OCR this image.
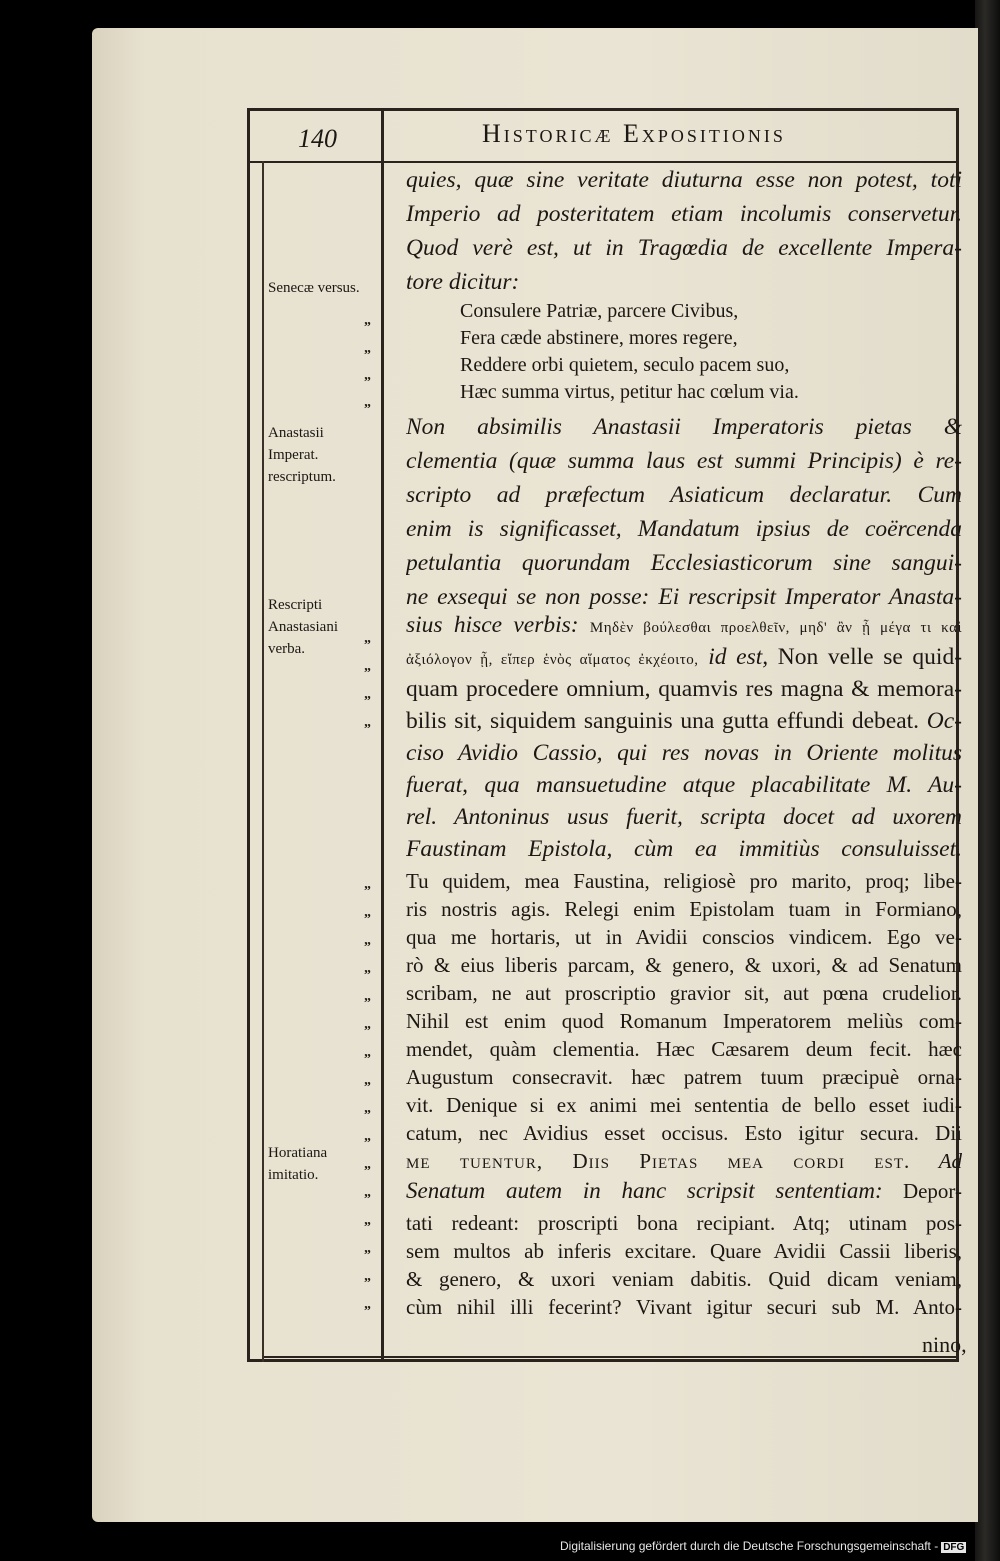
140	Historicæ Expositionis
Senecæ versus.
Anastasii Imperat. rescriptum.
Rescripti Anastasiani verba.
Horatiana imitatio.
„
„
„
„
„
„
„
„
„
„
„
„
„
„
„
„
„
„
„
„
„
„
„
„
quies, quæ sine veritate diuturna esse non potest, toti
Imperio ad posteritatem etiam incolumis conservetur.
Quod verè est, ut in Tragœdia de excellente Impera-
tore dicitur:
Consulere Patriæ, parcere Civibus,
Fera cæde abstinere, mores regere,
Reddere orbi quietem, seculo pacem suo,
Hæc summa virtus, petitur hac cœlum via.
Non absimilis Anastasii Imperatoris pietas &
clementia (quæ summa laus est summi Principis) è re-
scripto ad præfectum Asiaticum declaratur. Cum
enim is significasset, Mandatum ipsius de coërcenda
petulantia quorundam Ecclesiasticorum sine sangui-
ne exsequi se non posse: Ei rescripsit Imperator Anasta-
sius hisce verbis: Μηδὲν βούλεσθαι προελθεῖν, μηδ' ἂν ᾖ μέγα τι καὶ
ἀξιόλογον ᾖ, εἴπερ ἑνὸς αἵματος ἐκχέοιτο, id est, Non velle se quid-
quam procedere omnium, quamvis res magna & memora-
bilis sit, siquidem sanguinis una gutta effundi debeat. Oc-
ciso Avidio Cassio, qui res novas in Oriente molitus
fuerat, qua mansuetudine atque placabilitate M. Au-
rel. Antoninus usus fuerit, scripta docet ad uxorem
Faustinam Epistola, cùm ea immitiùs consuluisset.
Tu quidem, mea Faustina, religiosè pro marito, proq; libe-
ris nostris agis. Relegi enim Epistolam tuam in Formiano,
qua me hortaris, ut in Avidii conscios vindicem. Ego ve-
rò & eius liberis parcam, & genero, & uxori, & ad Senatum
scribam, ne aut proscriptio gravior sit, aut pœna crudelior.
Nihil est enim quod Romanum Imperatorem meliùs com-
mendet, quàm clementia. Hæc Cæsarem deum fecit. hæc
Augustum consecravit. hæc patrem tuum præcipuè orna-
vit. Denique si ex animi mei sententia de bello esset iudi-
catum, nec Avidius esset occisus. Esto igitur secura. Dii
me tuentur, Diis Pietas mea cordi est. Ad
Senatum autem in hanc scripsit sententiam: Depor-
tati redeant: proscripti bona recipiant. Atq; utinam pos-
sem multos ab inferis excitare. Quare Avidii Cassii liberis,
& genero, & uxori veniam dabitis. Quid dicam veniam,
cùm nihil illi fecerint? Vivant igitur securi sub M. Anto-
nino,
Digitalisierung gefördert durch die Deutsche Forschungsgemeinschaft - DFG
